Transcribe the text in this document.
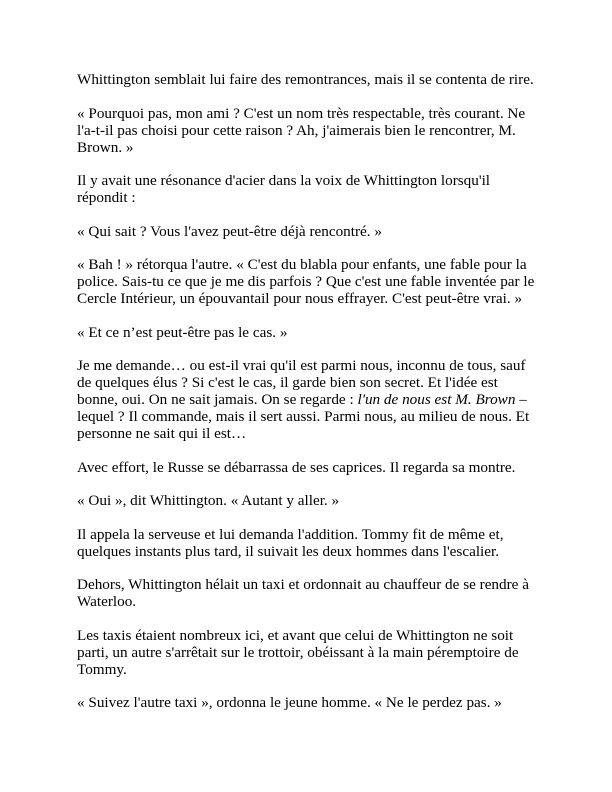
Whittington semblait lui faire des remontrances, mais il se contenta de rire.

« Pourquoi pas, mon ami ? C'est un nom très respectable, très courant. Ne l'a-t-il pas choisi pour cette raison ? Ah, j'aimerais bien le rencontrer, M. Brown. »

Il y avait une résonance d'acier dans la voix de Whittington lorsqu'il répondit :

« Qui sait ? Vous l'avez peut-être déjà rencontré. »

« Bah ! » rétorqua l'autre. « C'est du blabla pour enfants, une fable pour la police. Sais-tu ce que je me dis parfois ? Que c'est une fable inventée par le Cercle Intérieur, un épouvantail pour nous effrayer. C'est peut-être vrai. »

« Et ce n’est peut-être pas le cas. »

Je me demande… ou est-il vrai qu'il est parmi nous, inconnu de tous, sauf de quelques élus ? Si c'est le cas, il garde bien son secret. Et l'idée est bonne, oui. On ne sait jamais. On se regarde : l'un de nous est M. Brown – lequel ? Il commande, mais il sert aussi. Parmi nous, au milieu de nous. Et personne ne sait qui il est…

Avec effort, le Russe se débarrassa de ses caprices. Il regarda sa montre.

« Oui », dit Whittington. « Autant y aller. »

Il appela la serveuse et lui demanda l'addition. Tommy fit de même et, quelques instants plus tard, il suivait les deux hommes dans l'escalier.

Dehors, Whittington hélait un taxi et ordonnait au chauffeur de se rendre à Waterloo.

Les taxis étaient nombreux ici, et avant que celui de Whittington ne soit parti, un autre s'arrêtait sur le trottoir, obéissant à la main péremptoire de Tommy.

« Suivez l'autre taxi », ordonna le jeune homme. « Ne le perdez pas. »
